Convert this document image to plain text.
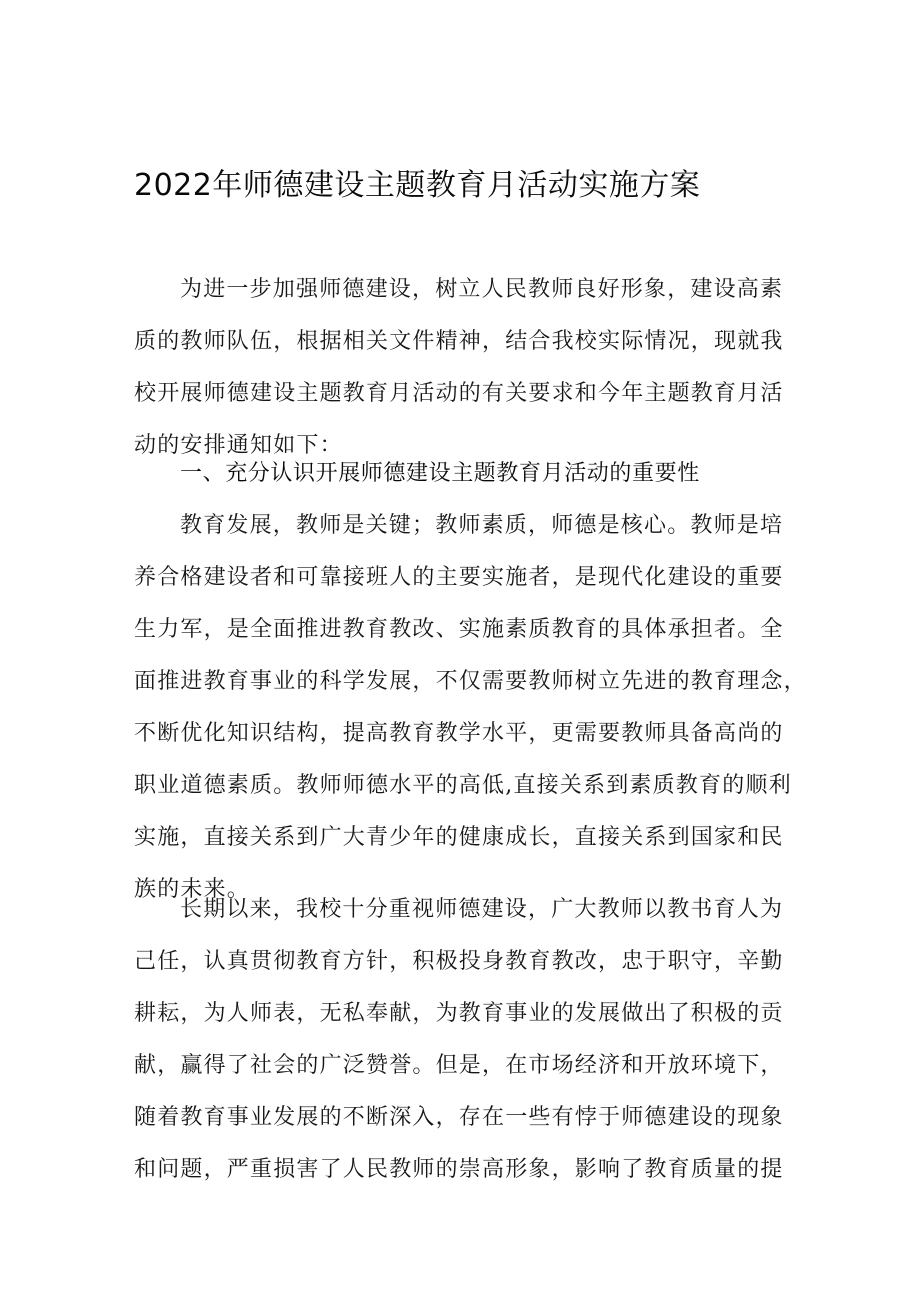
2022年师德建设主题教育月活动实施方案
为进一步加强师德建设，树立人民教师良好形象，建设高素
质的教师队伍，根据相关文件精神，结合我校实际情况，现就我
校开展师德建设主题教育月活动的有关要求和今年主题教育月活
动的安排通知如下：
一、充分认识开展师德建设主题教育月活动的重要性
教育发展，教师是关键；教师素质，师德是核心。教师是培
养合格建设者和可靠接班人的主要实施者，是现代化建设的重要
生力军，是全面推进教育教改、实施素质教育的具体承担者。全
面推进教育事业的科学发展，不仅需要教师树立先进的教育理念，
不断优化知识结构，提高教育教学水平，更需要教师具备高尚的
职业道德素质。教师师德水平的高低,直接关系到素质教育的顺利
实施，直接关系到广大青少年的健康成长，直接关系到国家和民
族的未来。
长期以来，我校十分重视师德建设，广大教师以教书育人为
己任，认真贯彻教育方针，积极投身教育教改，忠于职守，辛勤
耕耘，为人师表，无私奉献，为教育事业的发展做出了积极的贡
献，赢得了社会的广泛赞誉。但是，在市场经济和开放环境下，
随着教育事业发展的不断深入，存在一些有悖于师德建设的现象
和问题，严重损害了人民教师的崇高形象，影响了教育质量的提
